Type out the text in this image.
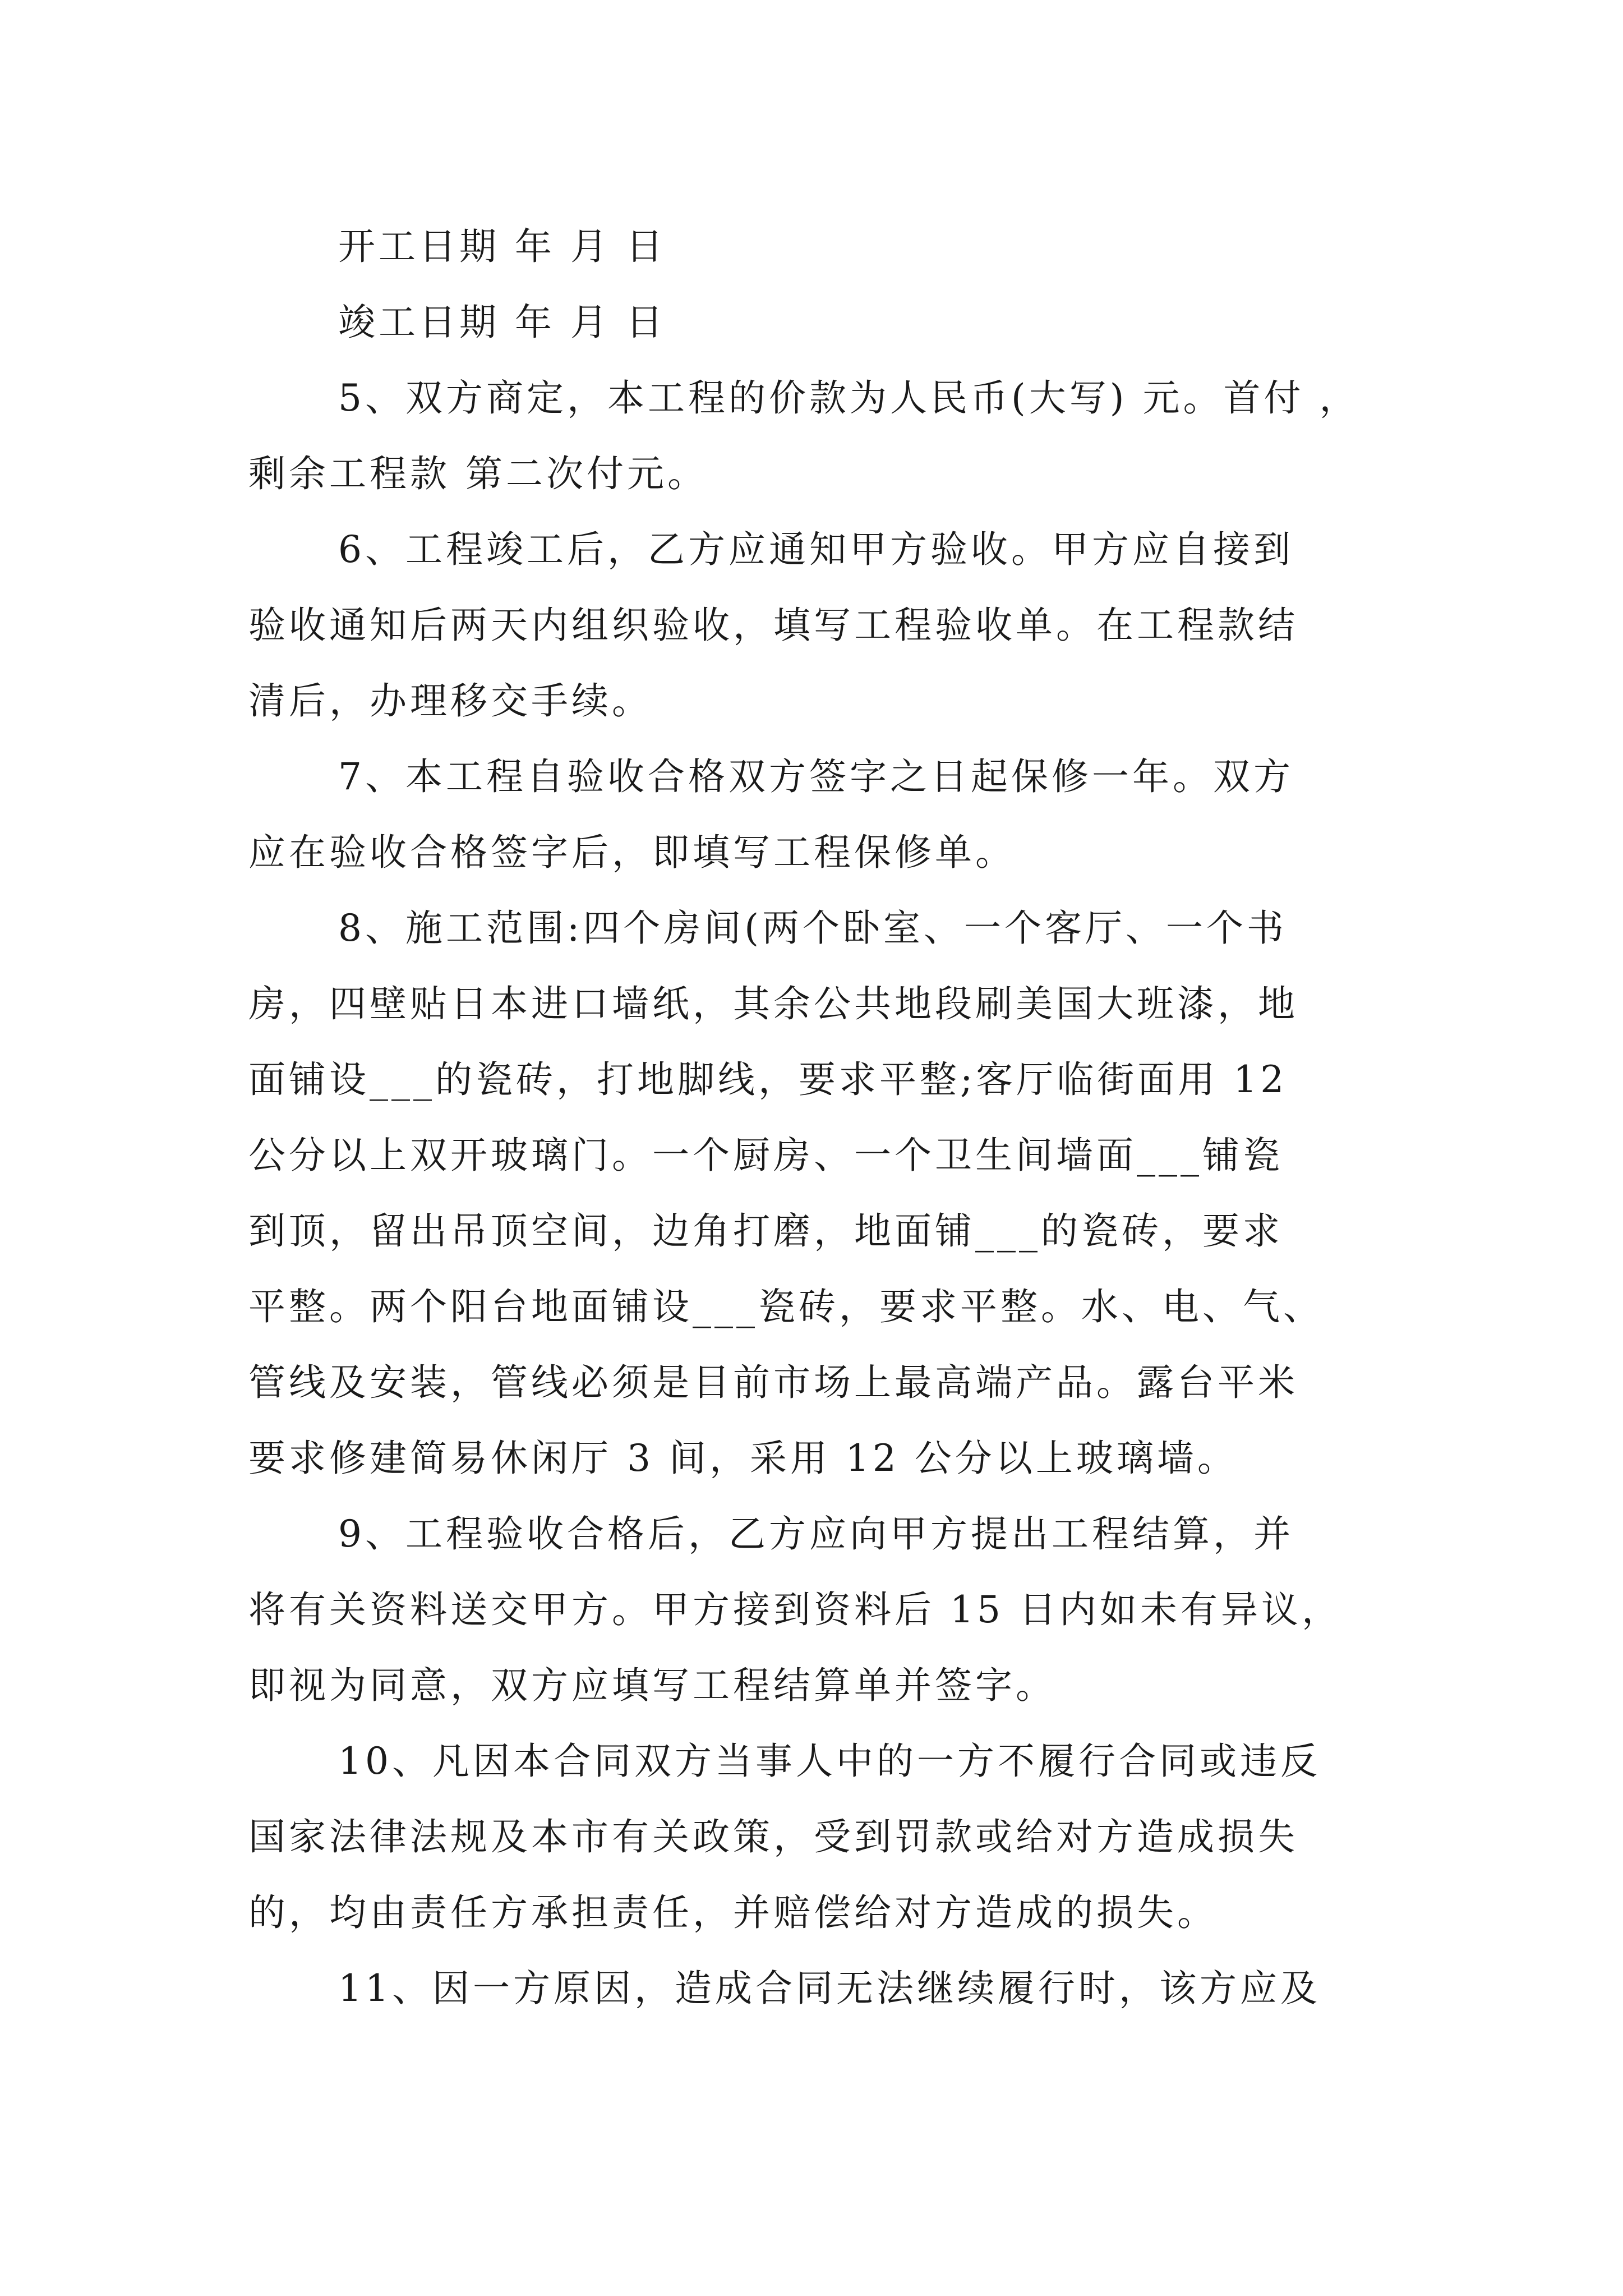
开工日期 年 月 日
竣工日期 年 月 日
5、双方商定，本工程的价款为人民币(大写) 元。首付 ，
剩余工程款 第二次付元。
6、工程竣工后，乙方应通知甲方验收。甲方应自接到
验收通知后两天内组织验收，填写工程验收单。在工程款结
清后，办理移交手续。
7、本工程自验收合格双方签字之日起保修一年。双方
应在验收合格签字后，即填写工程保修单。
8、施工范围:四个房间(两个卧室、一个客厅、一个书
房，四壁贴日本进口墙纸，其余公共地段刷美国大班漆，地
面铺设___的瓷砖，打地脚线，要求平整;客厅临街面用 12
公分以上双开玻璃门。一个厨房、一个卫生间墙面___铺瓷
到顶，留出吊顶空间，边角打磨，地面铺___的瓷砖，要求
平整。两个阳台地面铺设___瓷砖，要求平整。水、电、气、
管线及安装，管线必须是目前市场上最高端产品。露台平米
要求修建简易休闲厅 3 间，采用 12 公分以上玻璃墙。
9、工程验收合格后，乙方应向甲方提出工程结算，并
将有关资料送交甲方。甲方接到资料后 15 日内如未有异议，
即视为同意，双方应填写工程结算单并签字。
10、凡因本合同双方当事人中的一方不履行合同或违反
国家法律法规及本市有关政策，受到罚款或给对方造成损失
的，均由责任方承担责任，并赔偿给对方造成的损失。
11、因一方原因，造成合同无法继续履行时，该方应及
